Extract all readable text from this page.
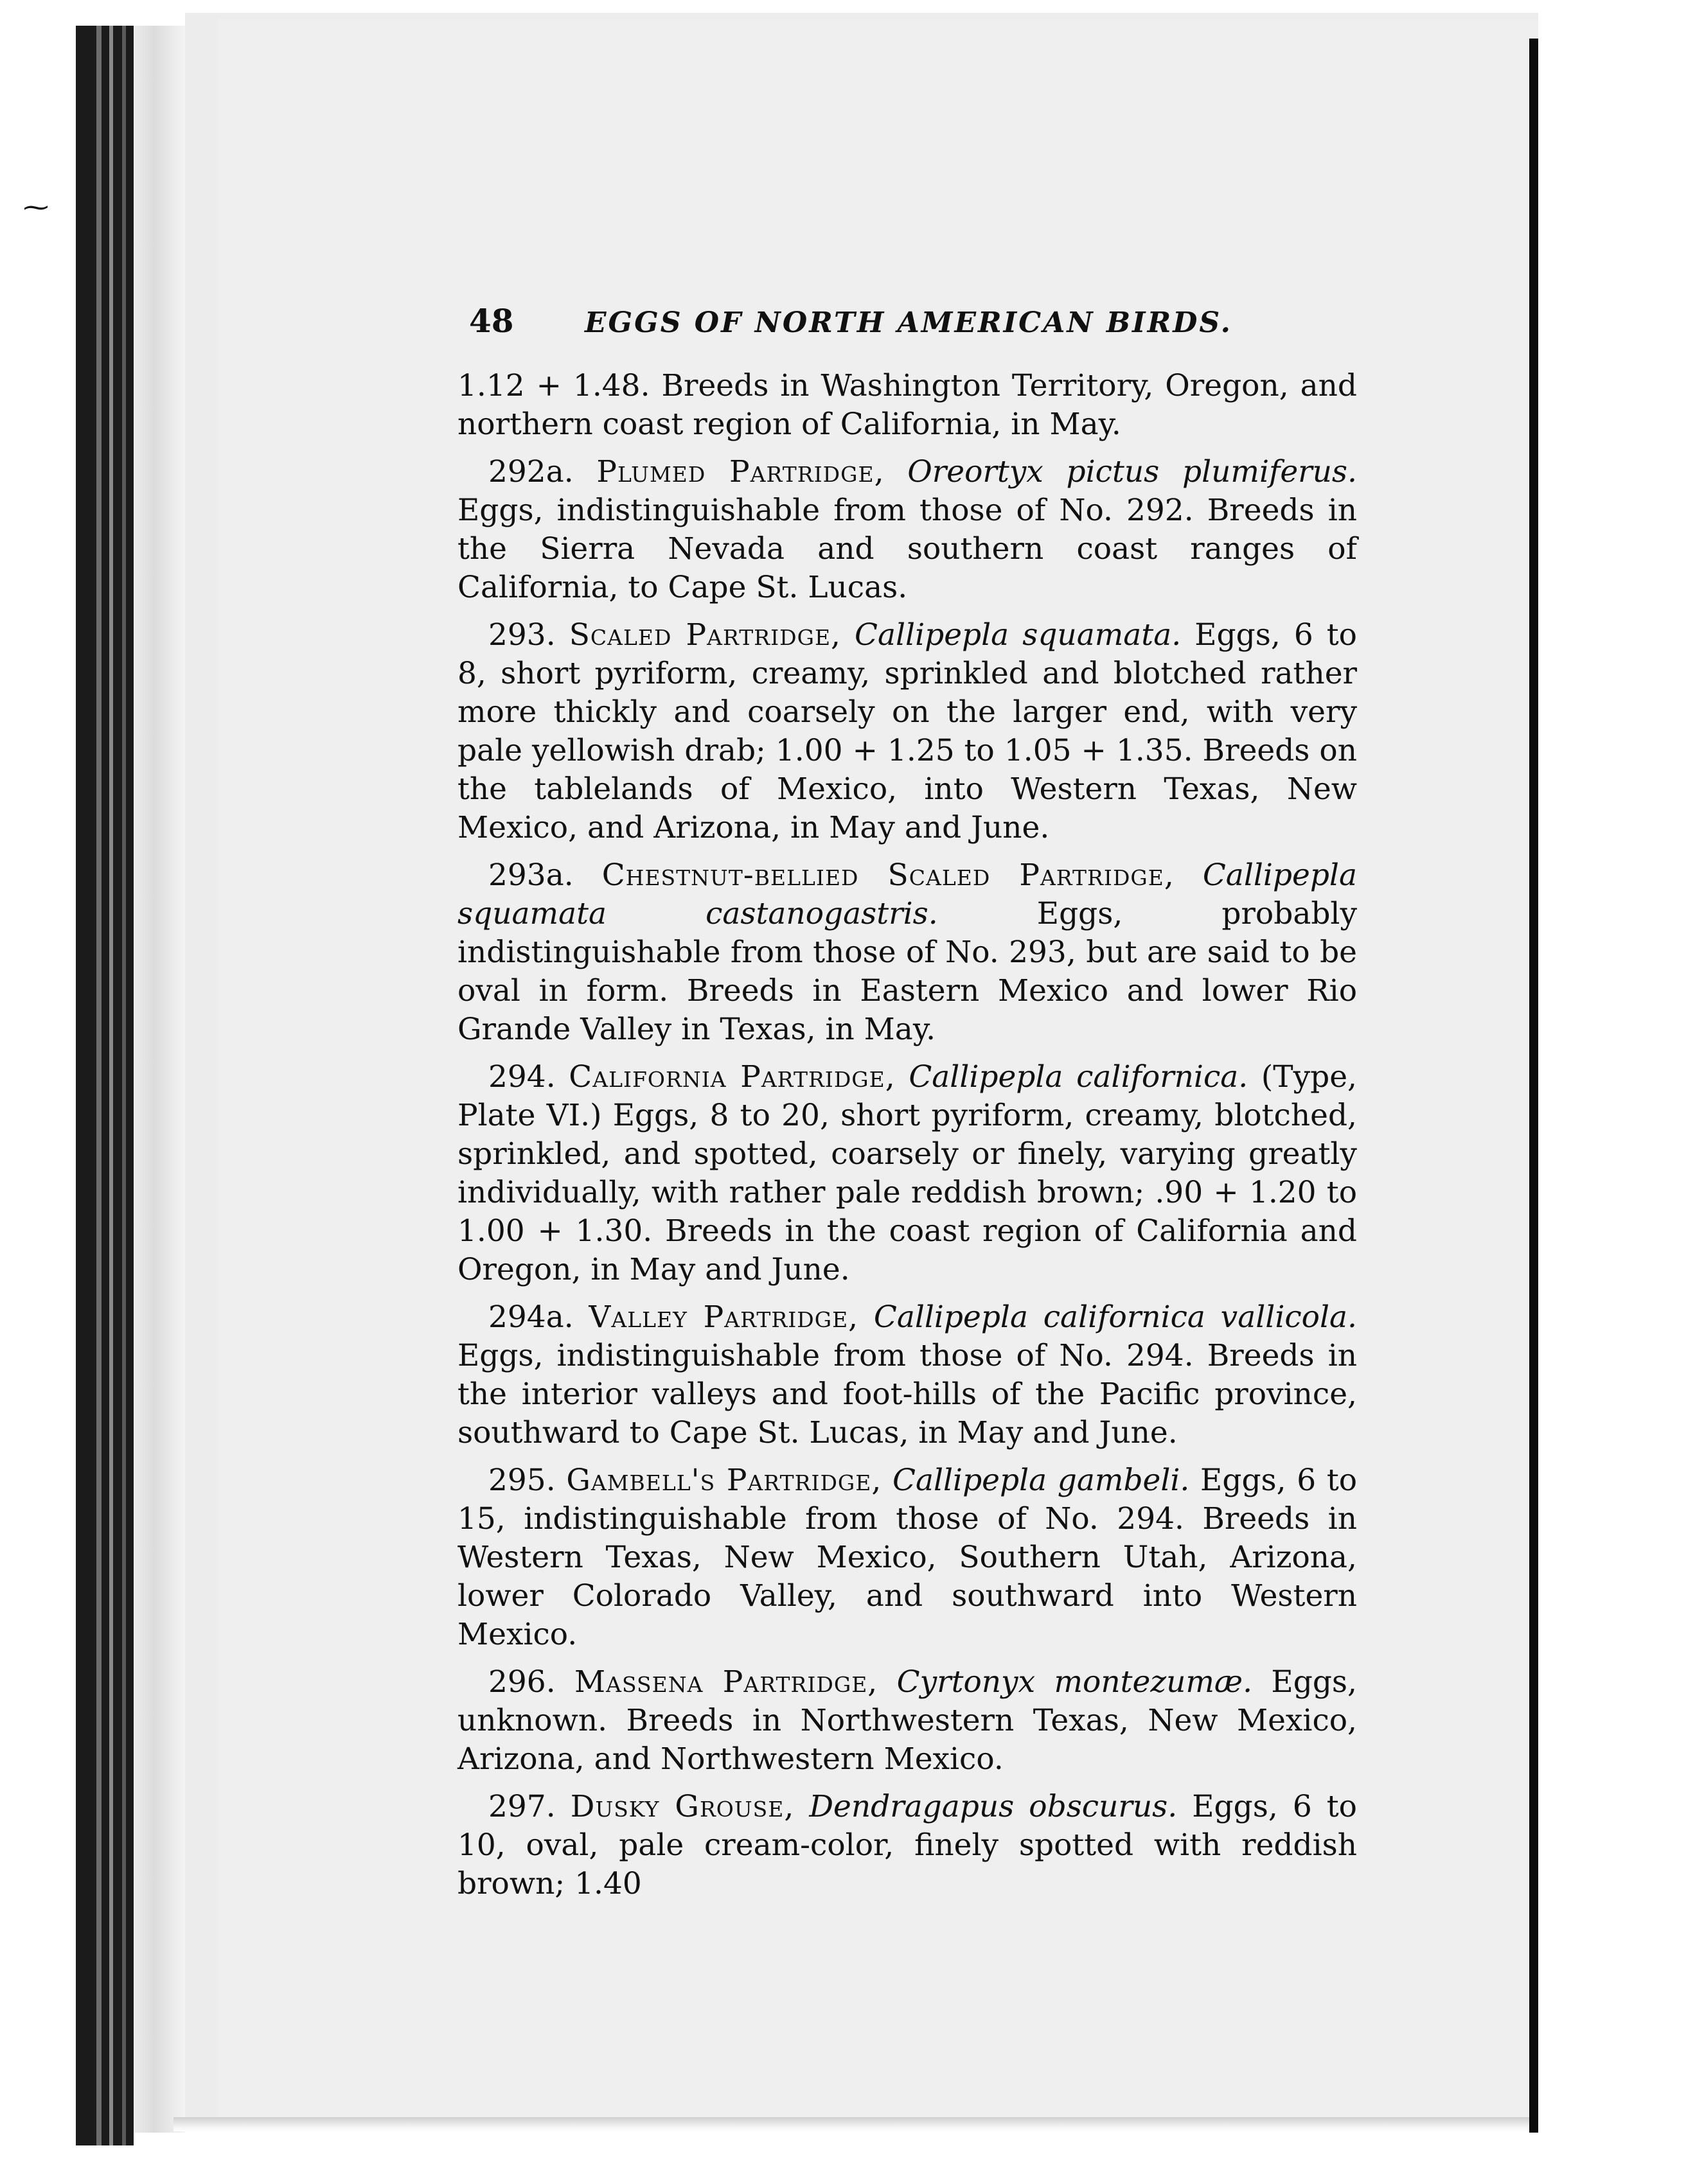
⁓
48	EGGS OF NORTH AMERICAN BIRDS.

1.12 + 1.48. Breeds in Washington Territory, Oregon, and northern coast region of California, in May.

292a. Plumed Partridge, Oreortyx pictus plumiferus. Eggs, indistinguishable from those of No. 292. Breeds in the Sierra Nevada and southern coast ranges of California, to Cape St. Lucas.

293. Scaled Partridge, Callipepla squamata. Eggs, 6 to 8, short pyriform, creamy, sprinkled and blotched rather more thickly and coarsely on the larger end, with very pale yellowish drab; 1.00 + 1.25 to 1.05 + 1.35. Breeds on the tablelands of Mexico, into Western Texas, New Mexico, and Arizona, in May and June.

293a. Chestnut-bellied Scaled Partridge, Callipepla squamata castanogastris.	Eggs, probably indistinguishable from those of No. 293, but are said to be oval in form. Breeds in Eastern Mexico and lower Rio Grande Valley in Texas, in May.

294. California Partridge, Callipepla californica. (Type, Plate VI.) Eggs, 8 to 20, short pyriform, creamy, blotched, sprinkled, and spotted, coarsely or finely, varying greatly individually, with rather pale reddish brown; .90 + 1.20 to 1.00 + 1.30. Breeds in the coast region of California and Oregon, in May and June.

294a. Valley Partridge, Callipepla californica vallicola. Eggs, indistinguishable from those of No. 294. Breeds in the interior valleys and foot-hills of the Pacific province, southward to Cape St. Lucas, in May and June.

295. Gambell's Partridge, Callipepla gambeli. Eggs, 6 to 15, indistinguishable from those of No. 294. Breeds in Western Texas, New Mexico, Southern Utah, Arizona, lower Colorado Valley, and southward into Western Mexico.

296. Massena Partridge, Cyrtonyx montezumæ. Eggs, unknown. Breeds in Northwestern Texas, New Mexico, Arizona, and Northwestern Mexico.

297. Dusky Grouse, Dendragapus obscurus. Eggs, 6 to 10, oval, pale cream-color, finely spotted with reddish brown; 1.40
